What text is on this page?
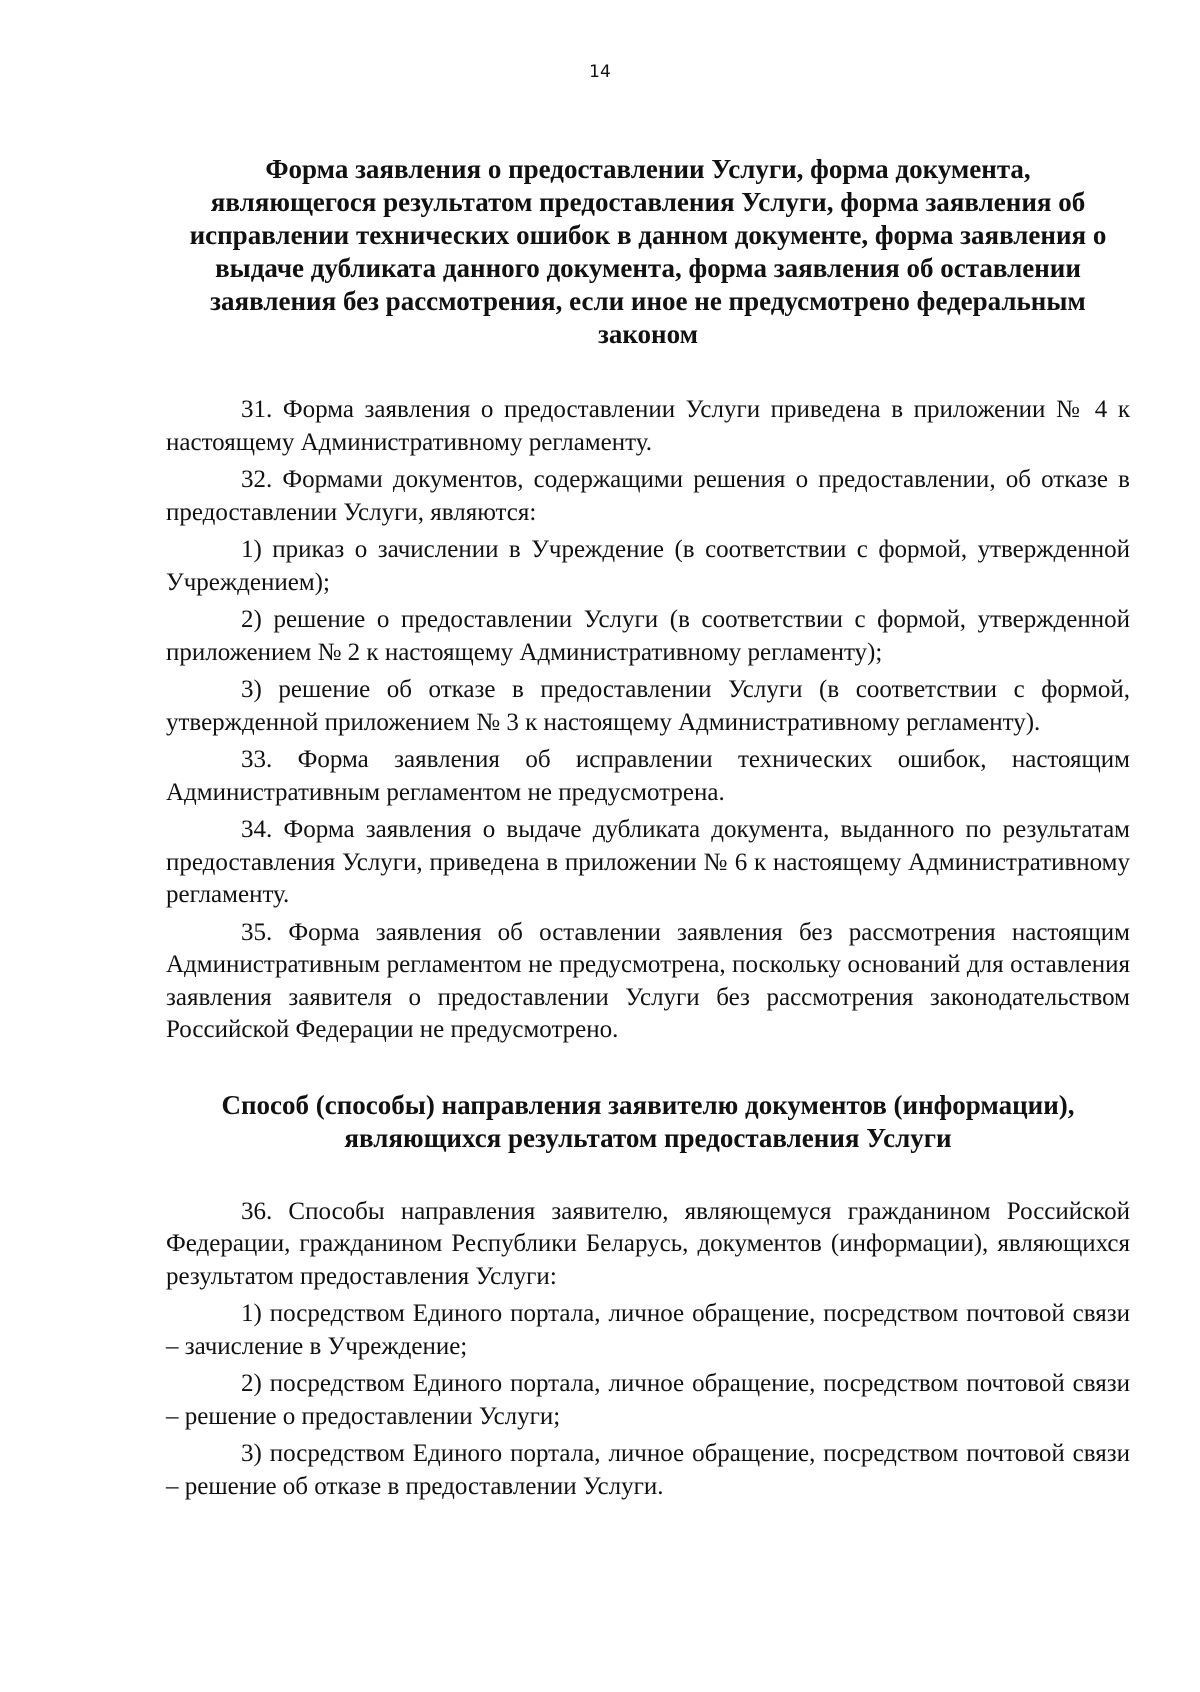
14
Форма заявления о предоставлении Услуги, форма документа, являющегося результатом предоставления Услуги, форма заявления об исправлении технических ошибок в данном документе, форма заявления о выдаче дубликата данного документа, форма заявления об оставлении заявления без рассмотрения, если иное не предусмотрено федеральным законом

31. Форма заявления о предоставлении Услуги приведена в приложении № 4 к настоящему Административному регламенту.

32. Формами документов, содержащими решения о предоставлении, об отказе в предоставлении Услуги, являются:

1) приказ о зачислении в Учреждение (в соответствии с формой, утвержденной Учреждением);

2) решение о предоставлении Услуги (в соответствии с формой, утвержденной приложением № 2 к настоящему Административному регламенту);

3) решение об отказе в предоставлении Услуги (в соответствии с формой, утвержденной приложением № 3 к настоящему Административному регламенту).

33. Форма заявления об исправлении технических ошибок, настоящим Административным регламентом не предусмотрена.

34. Форма заявления о выдаче дубликата документа, выданного по результатам предоставления Услуги, приведена в приложении № 6 к настоящему Административному регламенту.

35. Форма заявления об оставлении заявления без рассмотрения настоящим Административным регламентом не предусмотрена, поскольку оснований для оставления заявления заявителя о предоставлении Услуги без рассмотрения законодательством Российской Федерации не предусмотрено.

Способ (способы) направления заявителю документов (информации), являющихся результатом предоставления Услуги

36. Способы направления заявителю, являющемуся гражданином Российской Федерации, гражданином Республики Беларусь, документов (информации), являющихся результатом предоставления Услуги:

1) посредством Единого портала, личное обращение, посредством почтовой связи – зачисление в Учреждение;

2) посредством Единого портала, личное обращение, посредством почтовой связи – решение о предоставлении Услуги;

3) посредством Единого портала, личное обращение, посредством почтовой связи – решение об отказе в предоставлении Услуги.
